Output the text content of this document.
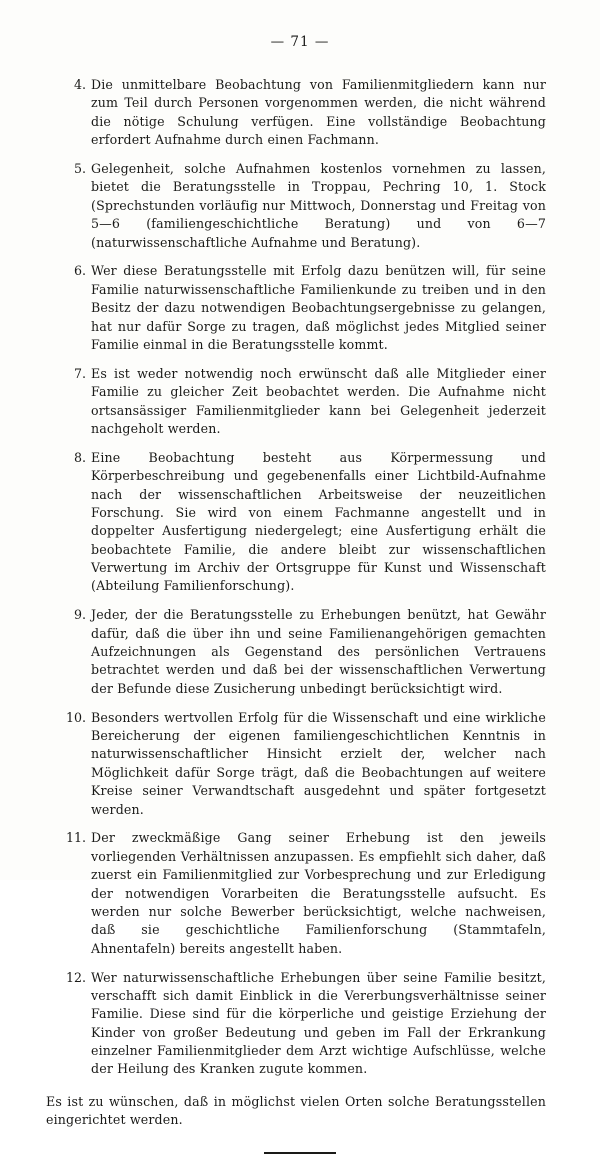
— 71 —
4. Die unmittelbare Beobachtung von Familienmitgliedern kann nur zum Teil durch Personen vorgenommen werden, die nicht während die nötige Schulung verfügen. Eine vollständige Beobachtung erfordert Aufnahme durch einen Fachmann.
5. Gelegenheit, solche Aufnahmen kostenlos vornehmen zu lassen, bietet die Beratungsstelle in Troppau, Pechring 10, 1. Stock (Sprechstunden vorläufig nur Mittwoch, Donnerstag und Freitag von 5—6 (familiengeschichtliche Beratung) und von 6—7 (naturwissenschaftliche Aufnahme und Beratung).
6. Wer diese Beratungsstelle mit Erfolg dazu benützen will, für seine Familie naturwissenschaftliche Familienkunde zu treiben und in den Besitz der dazu notwendigen Beobachtungsergebnisse zu gelangen, hat nur dafür Sorge zu tragen, daß möglichst jedes Mitglied seiner Familie einmal in die Beratungsstelle kommt.
7. Es ist weder notwendig noch erwünscht daß alle Mitglieder einer Familie zu gleicher Zeit beobachtet werden. Die Aufnahme nicht ortsansässiger Familienmitglieder kann bei Gelegenheit jederzeit nachgeholt werden.
8. Eine Beobachtung besteht aus Körpermessung und Körperbeschreibung und gegebenenfalls einer Lichtbild-Aufnahme nach der wissenschaftlichen Arbeitsweise der neuzeitlichen Forschung. Sie wird von einem Fachmanne angestellt und in doppelter Ausfertigung niedergelegt; eine Ausfertigung erhält die beobachtete Familie, die andere bleibt zur wissenschaftlichen Verwertung im Archiv der Ortsgruppe für Kunst und Wissenschaft (Abteilung Familienforschung).
9. Jeder, der die Beratungsstelle zu Erhebungen benützt, hat Gewähr dafür, daß die über ihn und seine Familienangehörigen gemachten Aufzeichnungen als Gegenstand des persönlichen Vertrauens betrachtet werden und daß bei der wissenschaftlichen Verwertung der Befunde diese Zusicherung unbedingt berücksichtigt wird.
10. Besonders wertvollen Erfolg für die Wissenschaft und eine wirkliche Bereicherung der eigenen familiengeschichtlichen Kenntnis in naturwissenschaftlicher Hinsicht erzielt der, welcher nach Möglichkeit dafür Sorge trägt, daß die Beobachtungen auf weitere Kreise seiner Verwandtschaft ausgedehnt und später fortgesetzt werden.
11. Der zweckmäßige Gang seiner Erhebung ist den jeweils vorliegenden Verhältnissen anzupassen. Es empfiehlt sich daher, daß zuerst ein Familienmitglied zur Vorbesprechung und zur Erledigung der notwendigen Vorarbeiten die Beratungsstelle aufsucht. Es werden nur solche Bewerber berücksichtigt, welche nachweisen, daß sie geschichtliche Familienforschung (Stammtafeln, Ahnentafeln) bereits angestellt haben.
12. Wer naturwissenschaftliche Erhebungen über seine Familie besitzt, verschafft sich damit Einblick in die Vererbungsverhältnisse seiner Familie. Diese sind für die körperliche und geistige Erziehung der Kinder von großer Bedeutung und geben im Fall der Erkrankung einzelner Familienmitglieder dem Arzt wichtige Aufschlüsse, welche der Heilung des Kranken zugute kommen.
Es ist zu wünschen, daß in möglichst vielen Orten solche Beratungsstellen eingerichtet werden.
